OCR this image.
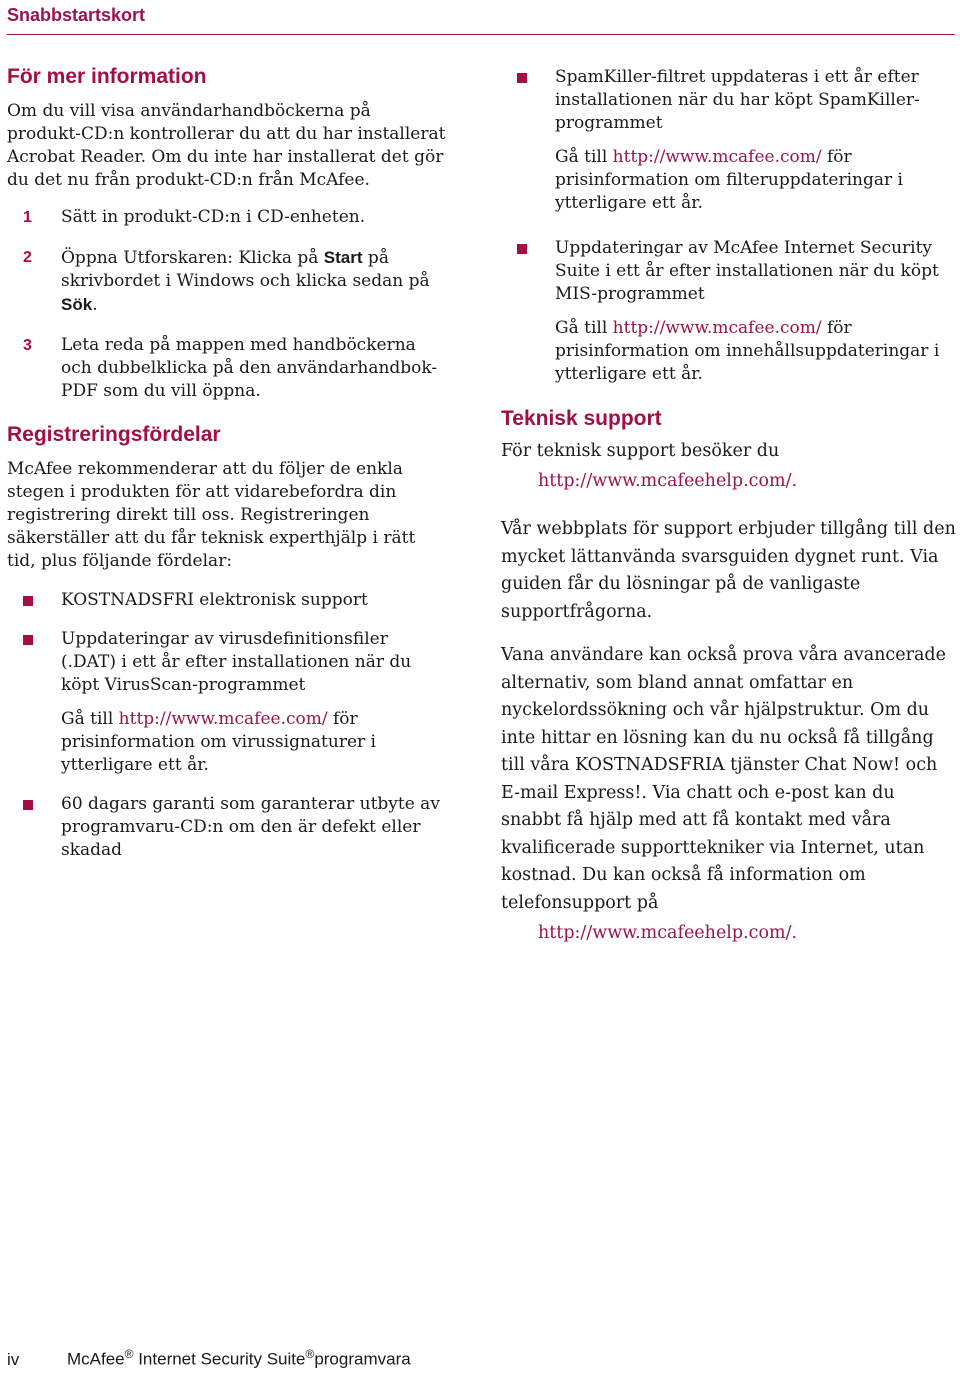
Snabbstartskort
För mer information

Om du vill visa användarhandböckerna på produkt-CD:n kontrollerar du att du har installerat Acrobat Reader. Om du inte har installerat det gör du det nu från produkt-CD:n från McAfee.

1 Sätt in produkt-CD:n i CD-enheten.
2 Öppna Utforskaren: Klicka på Start på skrivbordet i Windows och klicka sedan på Sök.
3 Leta reda på mappen med handböckerna och dubbelklicka på den användarhandbok-PDF som du vill öppna.
Registreringsfördelar

McAfee rekommenderar att du följer de enkla stegen i produkten för att vidarebefordra din registrering direkt till oss. Registreringen säkerställer att du får teknisk experthjälp i rätt tid, plus följande fördelar:

KOSTNADSFRI elektronisk support
Uppdateringar av virusdefinitionsfiler (.DAT) i ett år efter installationen när du köpt VirusScan-programmet
Gå till http://www.mcafee.com/ för prisinformation om virussignaturer i ytterligare ett år.
60 dagars garanti som garanterar utbyte av programvaru-CD:n om den är defekt eller skadad
SpamKiller-filtret uppdateras i ett år efter installationen när du har köpt SpamKiller-programmet
Gå till http://www.mcafee.com/ för prisinformation om filteruppdateringar i ytterligare ett år.
Uppdateringar av McAfee Internet Security Suite i ett år efter installationen när du köpt MIS-programmet
Gå till http://www.mcafee.com/ för prisinformation om innehållsuppdateringar i ytterligare ett år.
Teknisk support

För teknisk support besöker du

http://www.mcafeehelp.com/.

Vår webbplats för support erbjuder tillgång till den mycket lättanvända svarsguiden dygnet runt. Via guiden får du lösningar på de vanligaste supportfrågorna.

Vana användare kan också prova våra avancerade alternativ, som bland annat omfattar en nyckelordssökning och vår hjälpstruktur. Om du inte hittar en lösning kan du nu också få tillgång till våra KOSTNADSFRIA tjänster Chat Now! och E-mail Express!. Via chatt och e-post kan du snabbt få hjälp med att få kontakt med våra kvalificerade supporttekniker via Internet, utan kostnad. Du kan också få information om telefonsupport på

http://www.mcafeehelp.com/.

iv	McAfee® Internet Security Suite®programvara
